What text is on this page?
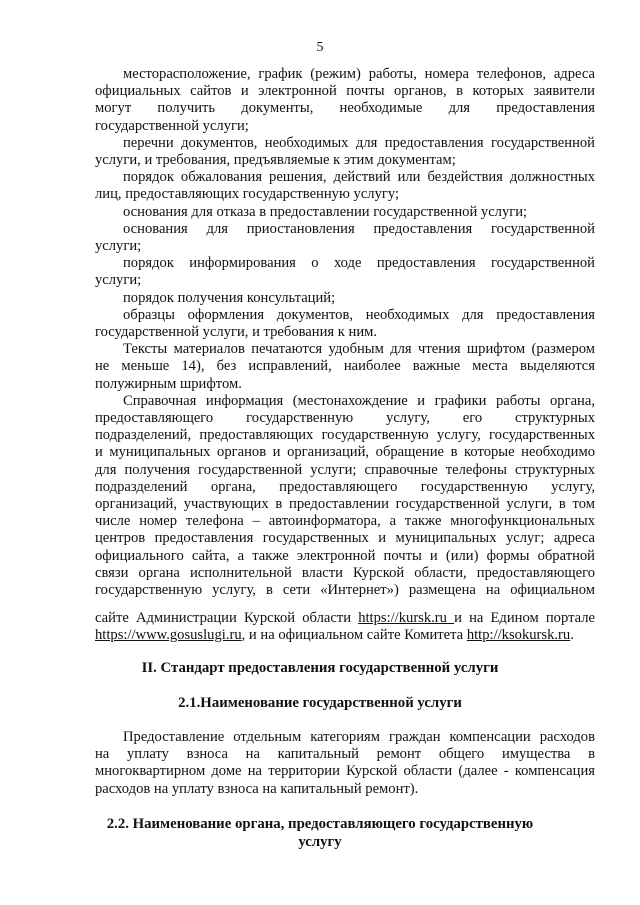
5
месторасположение, график (режим) работы, номера телефонов, адреса
официальных сайтов и электронной почты органов, в которых заявители
могут получить документы, необходимые для предоставления
государственной услуги;
перечни документов, необходимых для предоставления государственной
услуги, и требования, предъявляемые к этим документам;
порядок обжалования решения, действий или бездействия должностных
лиц, предоставляющих государственную услугу;
основания для отказа в предоставлении государственной услуги;
основания для приостановления предоставления государственной
услуги;
порядок информирования о ходе предоставления государственной
услуги;
порядок получения консультаций;
образцы оформления документов, необходимых для предоставления
государственной услуги, и требования к ним.
Тексты материалов печатаются удобным для чтения шрифтом (размером
не меньше 14), без исправлений, наиболее важные места выделяются
полужирным шрифтом.
Справочная информация (местонахождение и графики работы органа,
предоставляющего государственную услугу, его структурных
подразделений, предоставляющих государственную услугу, государственных
и муниципальных органов и организаций, обращение в которые необходимо
для получения государственной услуги; справочные телефоны структурных
подразделений органа, предоставляющего государственную услугу,
организаций, участвующих в предоставлении государственной услуги, в том
числе номер телефона – автоинформатора, а также многофункциональных
центров предоставления государственных и муниципальных услуг; адреса
официального сайта, а также электронной почты и (или) формы обратной
связи органа исполнительной власти Курской области, предоставляющего
государственную услугу, в сети «Интернет») размещена на официальном
сайте Администрации Курской области https://kursk.ru и на Едином портале
https://www.gosuslugi.ru, и на официальном сайте Комитета http://ksokursk.ru.
II. Стандарт предоставления государственной услуги
2.1.Наименование государственной услуги
Предоставление отдельным категориям граждан компенсации расходов
на уплату взноса на капитальный ремонт общего имущества в
многоквартирном доме на территории Курской области (далее - компенсация
расходов на уплату взноса на капитальный ремонт).
2.2. Наименование органа, предоставляющего государственную
услугу
